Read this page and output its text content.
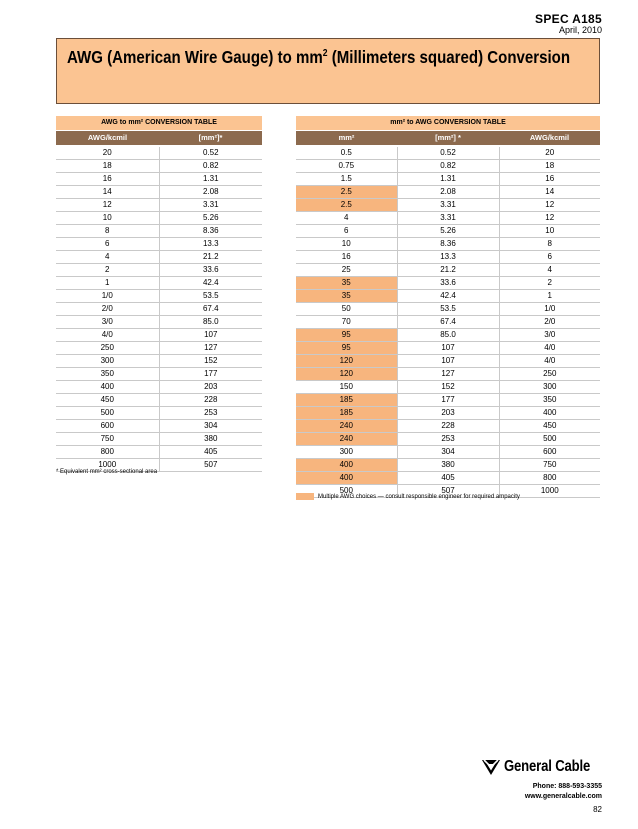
SPEC A185
April, 2010
AWG (American Wire Gauge) to $mm^2$ (Millimeters squared) Conversion
AWG to mm² CONVERSION TABLE	
AWG/kcmil	[mm²]*
20	0.52
18	0.82
16	1.31
14	2.08
12	3.31
10	5.26
8	8.36
6	13.3
4	21.2
2	33.6
1	42.4
1/0	53.5
2/0	67.4
3/0	85.0
4/0	107
250	127
300	152
350	177
400	203
450	228
500	253
600	304
750	380
800	405
1000	507
* Equivalent mm² cross-sectional area
mm² to AWG CONVERSION TABLE		
mm²	[mm²] *	AWG/kcmil
0.5	0.52	20
0.75	0.82	18
1.5	1.31	16
2.5	2.08	14
2.5	3.31	12
4	3.31	12
6	5.26	10
10	8.36	8
16	13.3	6
25	21.2	4
35	33.6	2
35	42.4	1
50	53.5	1/0
70	67.4	2/0
95	85.0	3/0
95	107	4/0
120	107	4/0
120	127	250
150	152	300
185	177	350
185	203	400
240	228	450
240	253	500
300	304	600
400	380	750
400	405	800
500	507	1000
Multiple AWG choices — consult responsible engineer for required ampacity
General Cable
Phone: 888-593-3355
www.generalcable.com
82
